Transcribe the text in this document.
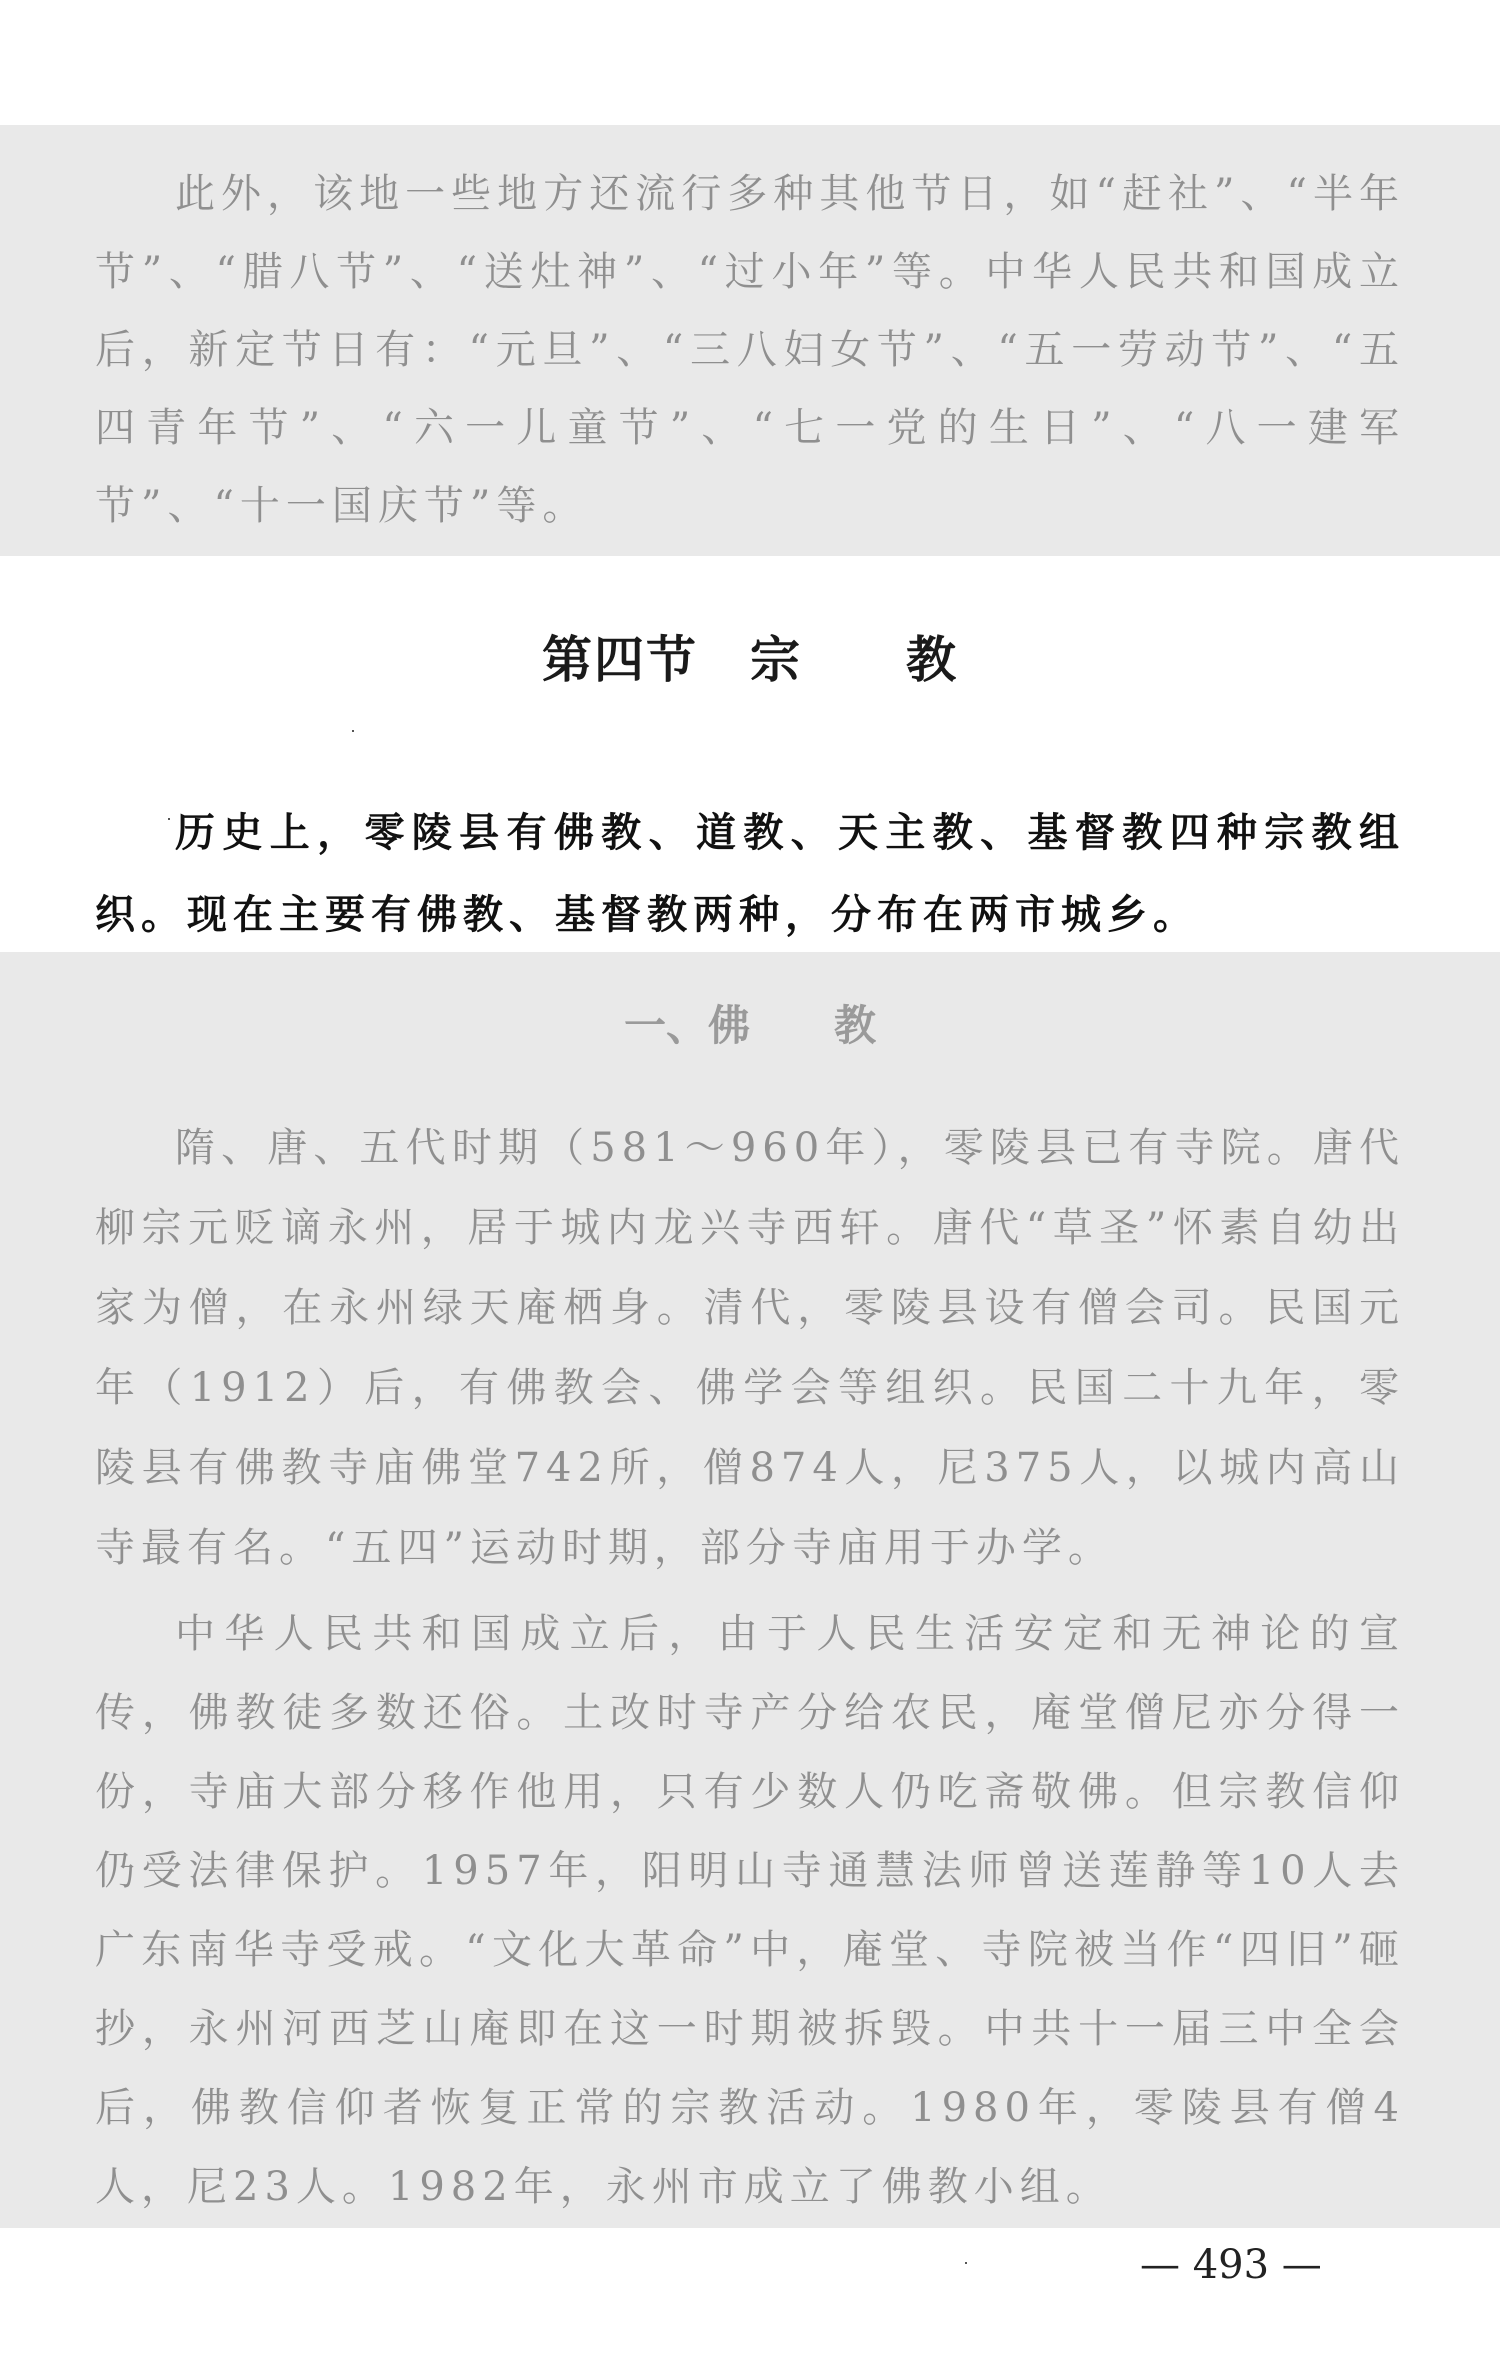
此外，该地一些地方还流行多种其他节日，如“赶社”、“半年节”、“腊八节”、“送灶神”、“过小年”等。中华人民共和国成立后，新定节日有：“元旦”、“三八妇女节”、“五一劳动节”、“五四青年节”、“六一儿童节”、“七一党的生日”、“八一建军节”、“十一国庆节”等。

第四节　宗　　教

历史上，零陵县有佛教、道教、天主教、基督教四种宗教组织。现在主要有佛教、基督教两种，分布在两市城乡。

一、佛　　教

隋、唐、五代时期（581～960年），零陵县已有寺院。唐代柳宗元贬谪永州，居于城内龙兴寺西轩。唐代“草圣”怀素自幼出家为僧，在永州绿天庵栖身。清代，零陵县设有僧会司。民国元年（1912）后，有佛教会、佛学会等组织。民国二十九年，零陵县有佛教寺庙佛堂742所，僧874人，尼375人，以城内高山寺最有名。“五四”运动时期，部分寺庙用于办学。

中华人民共和国成立后，由于人民生活安定和无神论的宣传，佛教徒多数还俗。土改时寺产分给农民，庵堂僧尼亦分得一份，寺庙大部分移作他用，只有少数人仍吃斋敬佛。但宗教信仰仍受法律保护。1957年，阳明山寺通慧法师曾送莲静等10人去广东南华寺受戒。“文化大革命”中，庵堂、寺院被当作“四旧”砸抄，永州河西芝山庵即在这一时期被拆毁。中共十一届三中全会后，佛教信仰者恢复正常的宗教活动。1980年，零陵县有僧4人，尼23人。1982年，永州市成立了佛教小组。

— 493 —
